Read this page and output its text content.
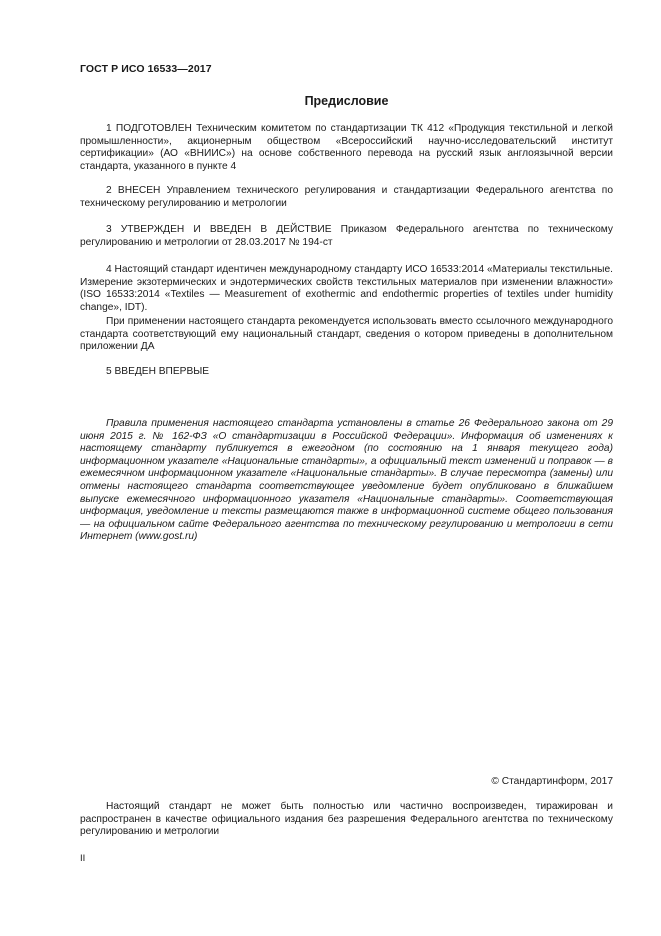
ГОСТ Р ИСО 16533—2017
Предисловие

1 ПОДГОТОВЛЕН Техническим комитетом по стандартизации ТК 412 «Продукция текстильной и легкой промышленности», акционерным обществом «Всероссийский научно-исследовательский институт сертификации» (АО «ВНИИС») на основе собственного перевода на русский язык англоязычной версии стандарта, указанного в пункте 4

2 ВНЕСЕН Управлением технического регулирования и стандартизации Федерального агентства по техническому регулированию и метрологии

3 УТВЕРЖДЕН И ВВЕДЕН В ДЕЙСТВИЕ Приказом Федерального агентства по техническому регулированию и метрологии от 28.03.2017 № 194-ст

4 Настоящий стандарт идентичен международному стандарту ИСО 16533:2014 «Материалы текстильные. Измерение экзотермических и эндотермических свойств текстильных материалов при изменении влажности» (ISO 16533:2014 «Textiles — Measurement of exothermic and endothermic properties of textiles under humidity change», IDT).

При применении настоящего стандарта рекомендуется использовать вместо ссылочного международного стандарта соответствующий ему национальный стандарт, сведения о котором приведены в дополнительном приложении ДА

5 ВВЕДЕН ВПЕРВЫЕ

Правила применения настоящего стандарта установлены в статье 26 Федерального закона от 29 июня 2015 г. № 162-ФЗ «О стандартизации в Российской Федерации». Информация об изменениях к настоящему стандарту публикуется в ежегодном (по состоянию на 1 января текущего года) информационном указателе «Национальные стандарты», а официальный текст изменений и поправок — в ежемесячном информационном указателе «Национальные стандарты». В случае пересмотра (замены) или отмены настоящего стандарта соответствующее уведомление будет опубликовано в ближайшем выпуске ежемесячного информационного указателя «Национальные стандарты». Соответствующая информация, уведомление и тексты размещаются также в информационной системе общего пользования — на официальном сайте Федерального агентства по техническому регулированию и метрологии в сети Интернет (www.gost.ru)

© Стандартинформ, 2017

Настоящий стандарт не может быть полностью или частично воспроизведен, тиражирован и распространен в качестве официального издания без разрешения Федерального агентства по техническому регулированию и метрологии

II
